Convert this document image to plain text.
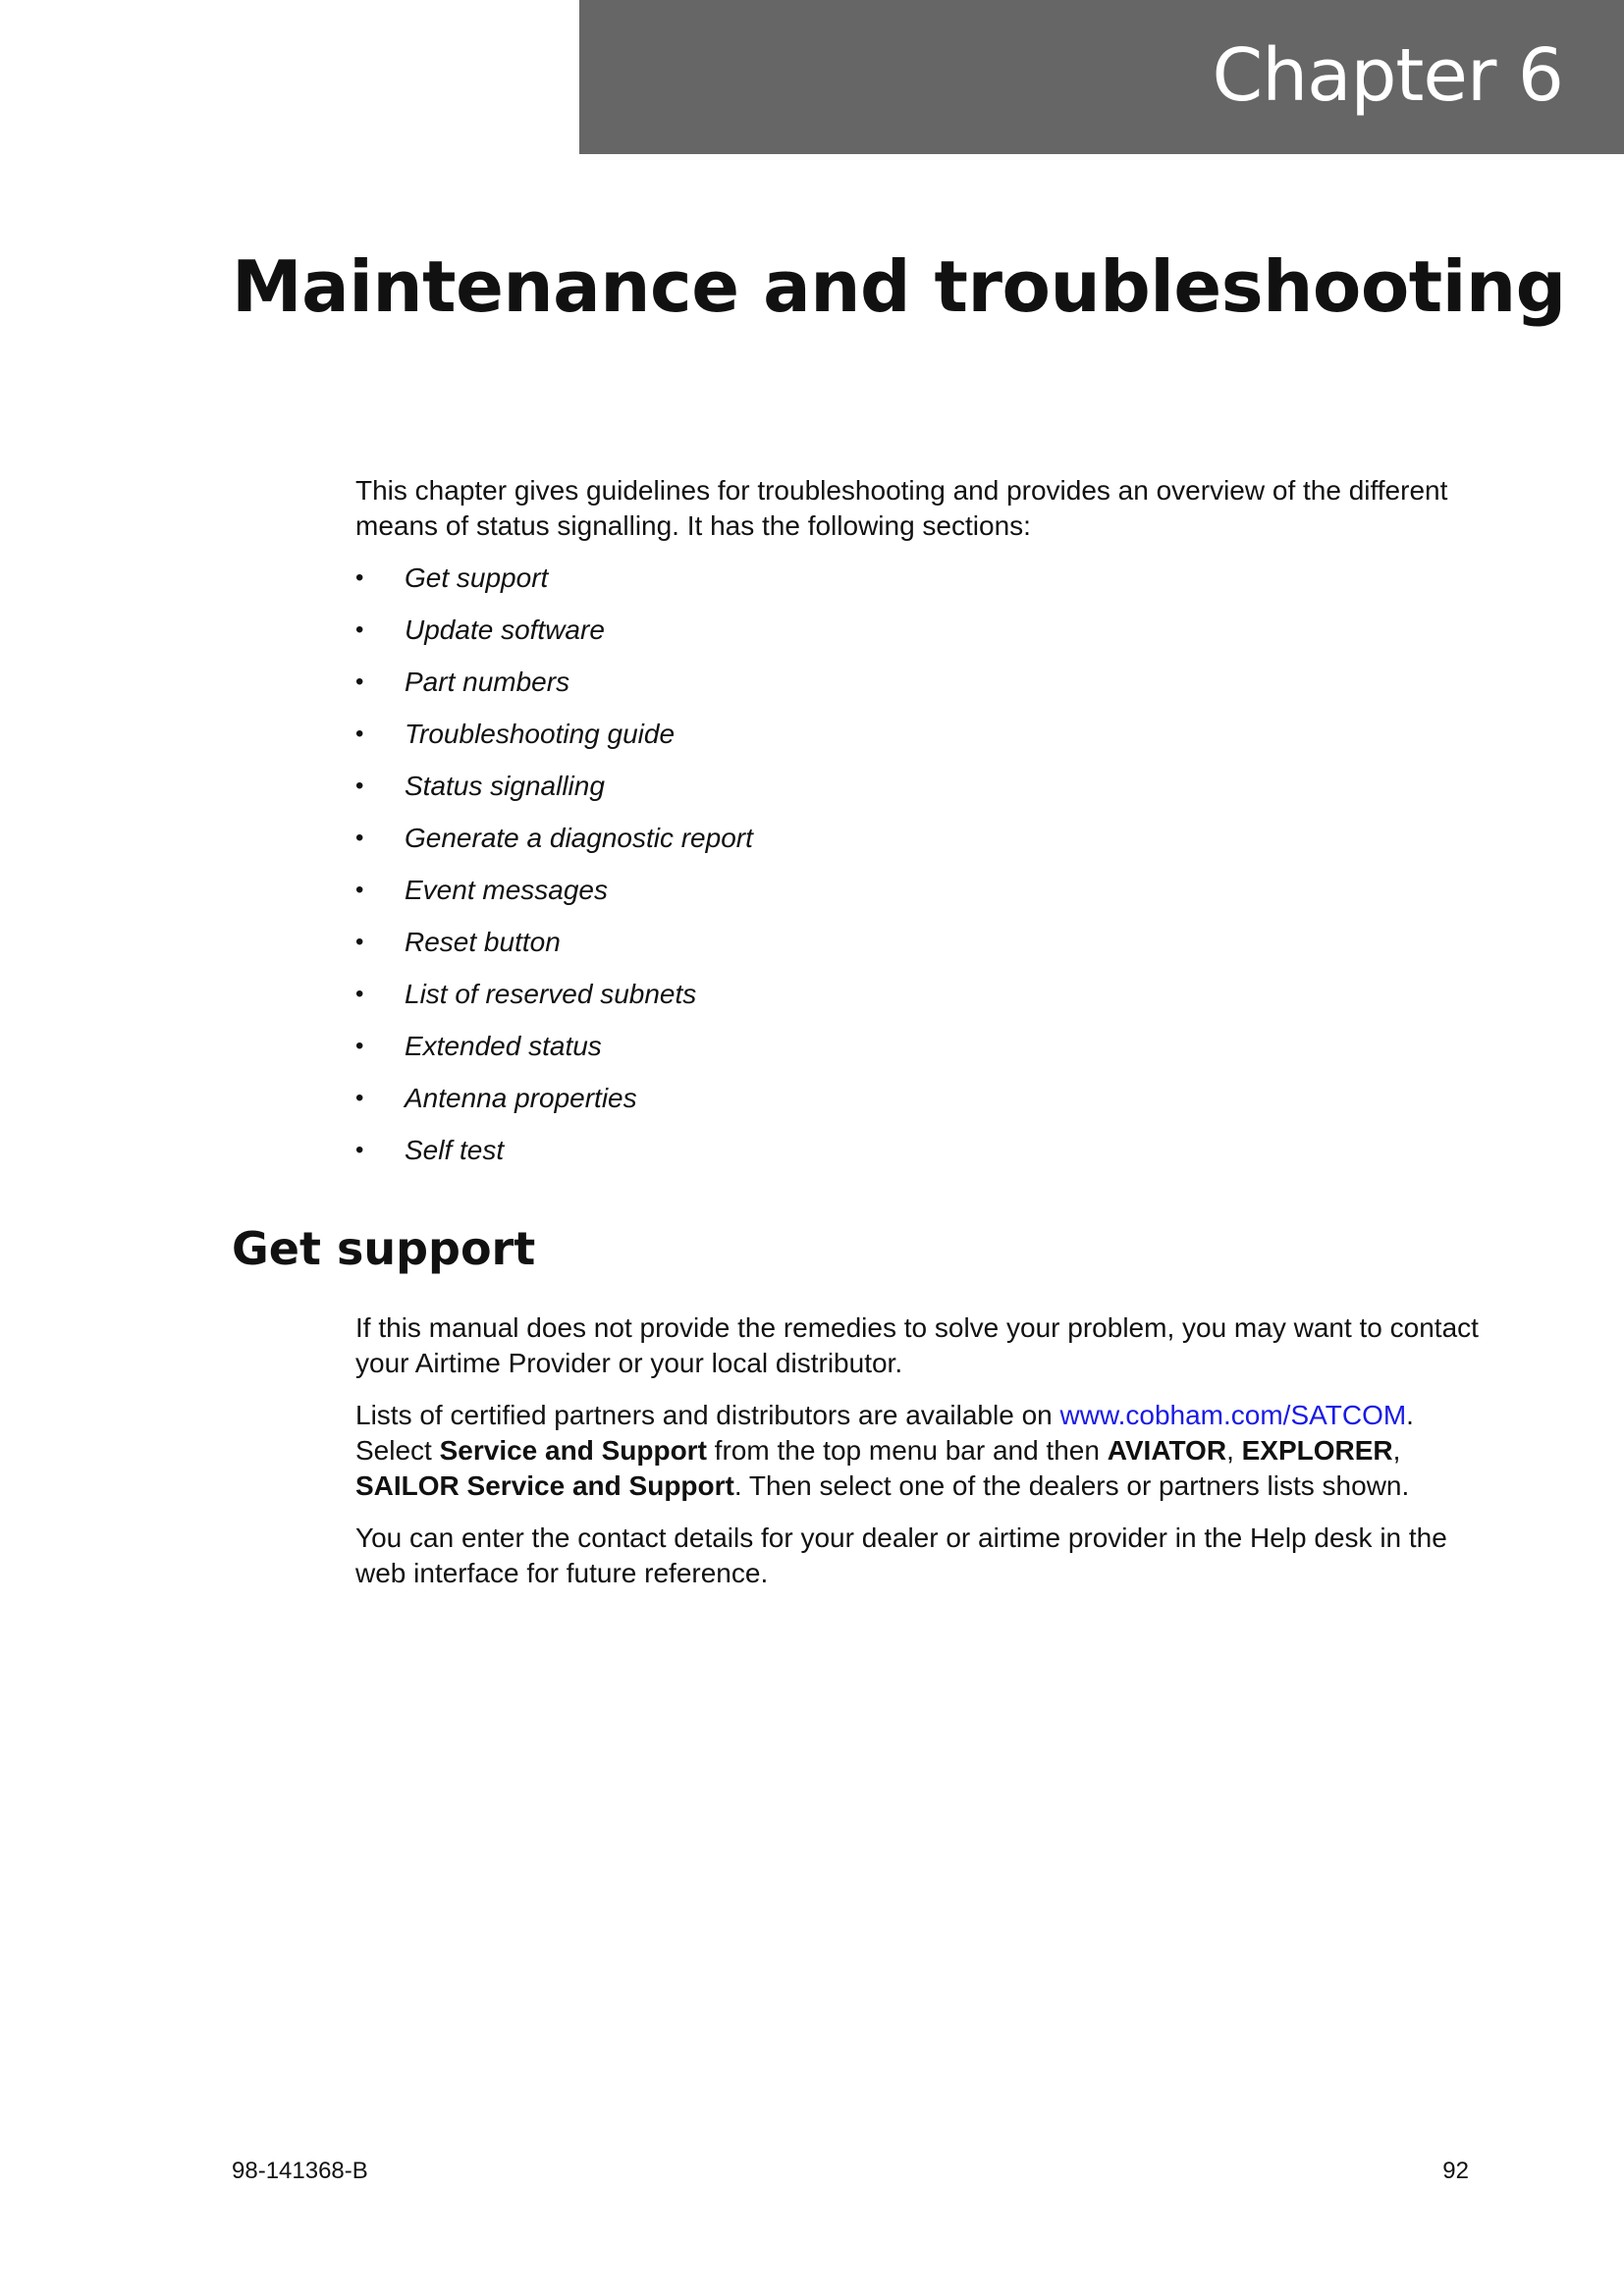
Chapter 6
Maintenance and troubleshooting

This chapter gives guidelines for troubleshooting and provides an overview of the different means of status signalling. It has the following sections:

• Get support
• Update software
• Part numbers
• Troubleshooting guide
• Status signalling
• Generate a diagnostic report
• Event messages
• Reset button
• List of reserved subnets
• Extended status
• Antenna properties
• Self test
Get support

If this manual does not provide the remedies to solve your problem, you may want to contact your Airtime Provider or your local distributor.

Lists of certified partners and distributors are available on www.cobham.com/SATCOM. Select Service and Support from the top menu bar and then AVIATOR, EXPLORER, SAILOR Service and Support. Then select one of the dealers or partners lists shown.

You can enter the contact details for your dealer or airtime provider in the Help desk in the web interface for future reference.

98-141368-B	92
